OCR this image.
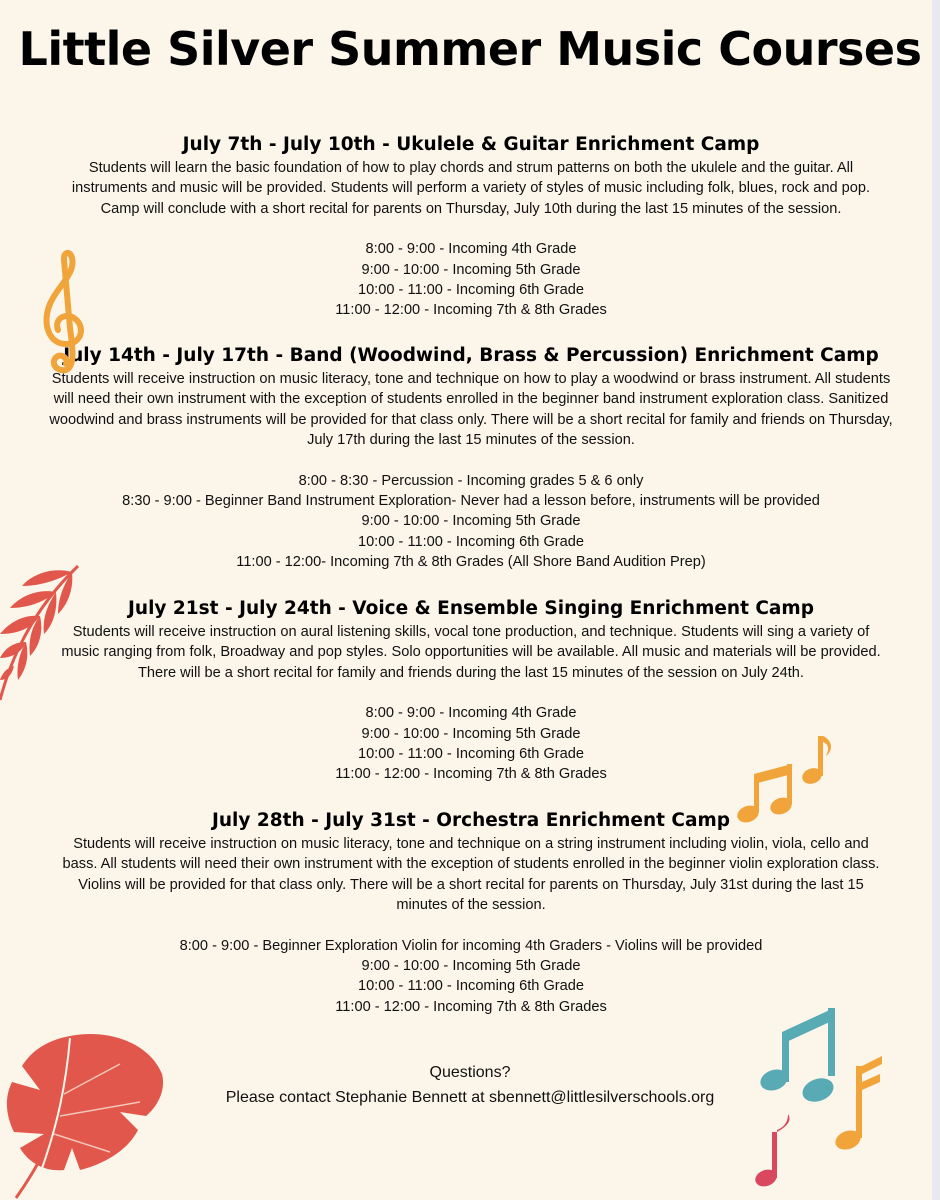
Little Silver Summer Music Courses
July 7th - July 10th - Ukulele & Guitar Enrichment Camp

Students will learn the basic foundation of how to play chords and strum patterns on both the ukulele and the guitar. All instruments and music will be provided. Students will perform a variety of styles of music including folk, blues, rock and pop. Camp will conclude with a short recital for parents on Thursday, July 10th during the last 15 minutes of the session.

8:00 - 9:00 - Incoming 4th Grade
9:00 - 10:00 - Incoming 5th Grade
10:00 - 11:00 - Incoming 6th Grade
11:00 - 12:00 - Incoming 7th & 8th Grades
July 14th - July 17th - Band (Woodwind, Brass & Percussion) Enrichment Camp

Students will receive instruction on music literacy, tone and technique on how to play a woodwind or brass instrument. All students will need their own instrument with the exception of students enrolled in the beginner band instrument exploration class. Sanitized woodwind and brass instruments will be provided for that class only. There will be a short recital for family and friends on Thursday, July 17th during the last 15 minutes of the session.

8:00 - 8:30 - Percussion - Incoming grades 5 & 6 only
8:30 - 9:00 - Beginner Band Instrument Exploration- Never had a lesson before, instruments will be provided
9:00 - 10:00 - Incoming 5th Grade
10:00 - 11:00 - Incoming 6th Grade
11:00 - 12:00- Incoming 7th & 8th Grades (All Shore Band Audition Prep)
July 21st - July 24th - Voice & Ensemble Singing Enrichment Camp

Students will receive instruction on aural listening skills, vocal tone production, and technique. Students will sing a variety of music ranging from folk, Broadway and pop styles. Solo opportunities will be available. All music and materials will be provided. There will be a short recital for family and friends during the last 15 minutes of the session on July 24th.

8:00 - 9:00 - Incoming 4th Grade
9:00 - 10:00 - Incoming 5th Grade
10:00 - 11:00 - Incoming 6th Grade
11:00 - 12:00 - Incoming 7th & 8th Grades
July 28th - July 31st - Orchestra Enrichment Camp

Students will receive instruction on music literacy, tone and technique on a string instrument including violin, viola, cello and bass. All students will need their own instrument with the exception of students enrolled in the beginner violin exploration class. Violins will be provided for that class only. There will be a short recital for parents on Thursday, July 31st during the last 15 minutes of the session.

8:00 - 9:00 - Beginner Exploration Violin for incoming 4th Graders - Violins will be provided
9:00 - 10:00 - Incoming 5th Grade
10:00 - 11:00 - Incoming 6th Grade
11:00 - 12:00 - Incoming 7th & 8th Grades
Questions?
Please contact Stephanie Bennett at sbennett@littlesilverschools.org
